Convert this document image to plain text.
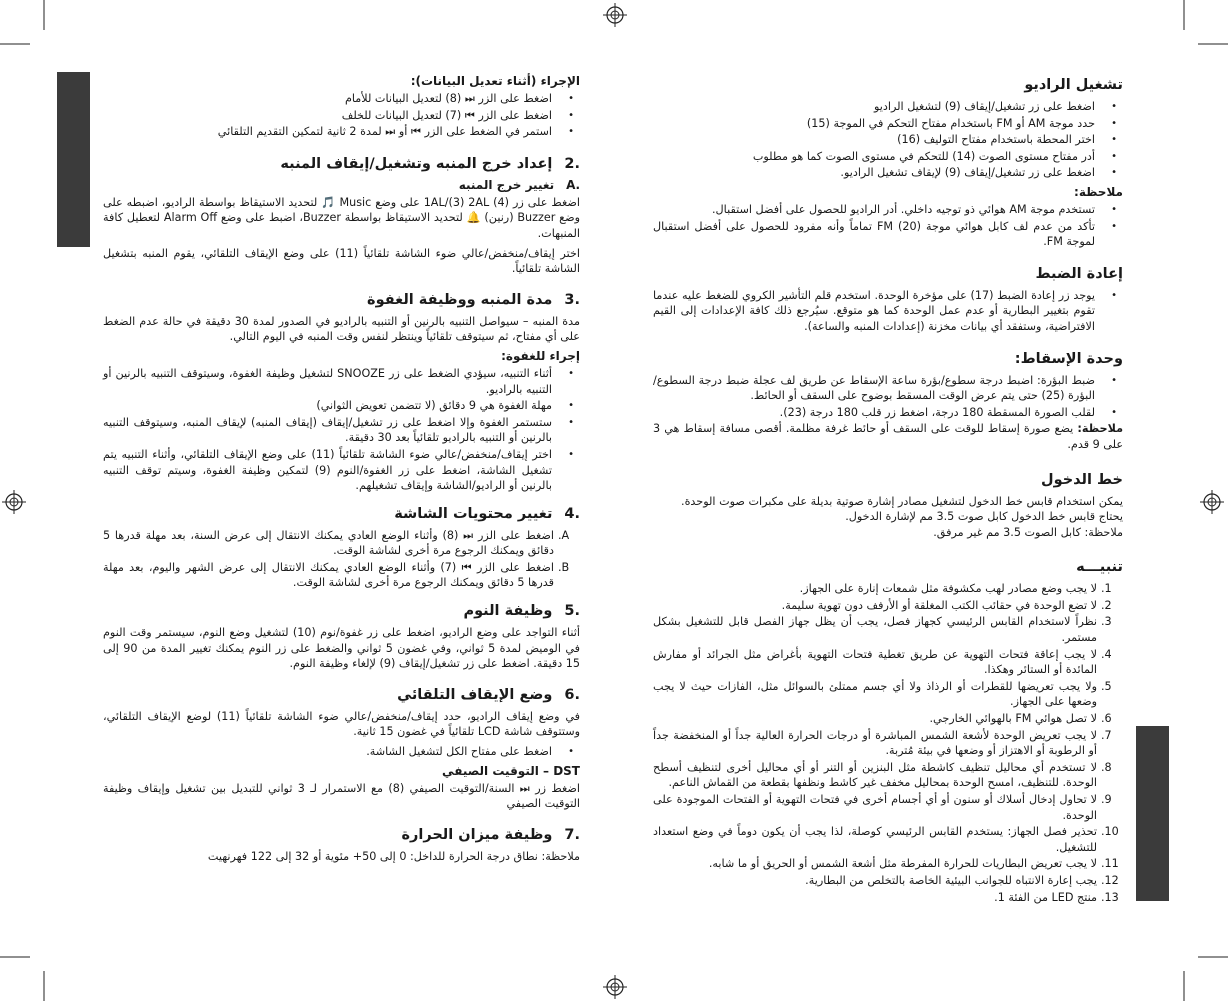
الإجراء (أثناء تعديل البيانات):
• اضغط على الزر ⏭ (8) لتعديل البيانات للأمام
• اضغط على الزر ⏮ (7) لتعديل البيانات للخلف
• استمر في الضغط على الزر ⏮ أو ⏭ لمدة 2 ثانية لتمكين التقديم التلقائي
.2إعداد خرج المنبه وتشغيل/إيقاف المنبه
.Aتغيير خرج المنبه

اضغط على زر 1AL/(3) 2AL (4) على وضع Music 🎵 لتحديد الاستيقاظ بواسطة الراديو، اضبطه على وضع Buzzer (رنين) 🔔 لتحديد الاستيقاظ بواسطة Buzzer، اضبط على وضع Alarm Off لتعطيل كافة المنبهات.

اختر إيقاف/منخفض/عالي ضوء الشاشة تلقائياً (11) على وضع الإيقاف التلقائي، يقوم المنبه بتشغيل الشاشة تلقائياً.

.3مدة المنبه ووظيفة الغفوة

مدة المنبه – سيواصل التنبيه بالرنين أو التنبيه بالراديو في الصدور لمدة 30 دقيقة في حالة عدم الضغط على أي مفتاح، ثم سيتوقف تلقائياً وينتظر لنفس وقت المنبه في اليوم التالي.

إجراء للغفوة:
• أثناء التنبيه، سيؤدي الضغط على زر SNOOZE لتشغيل وظيفة الغفوة، وسيتوقف التنبيه بالرنين أو التنبيه بالراديو.
• مهلة الغفوة هي 9 دقائق (لا تتضمن تعويض الثواني)
• ستستمر الغفوة وإلا اضغط على زر تشغيل/إيقاف (إيقاف المنبه) لإيقاف المنبه، وسيتوقف التنبيه بالرنين أو التنبيه بالراديو تلقائياً بعد 30 دقيقة.
• اختر إيقاف/منخفض/عالي ضوء الشاشة تلقائياً (11) على وضع الإيقاف التلقائي، وأثناء التنبيه يتم تشغيل الشاشة، اضغط على زر الغفوة/النوم (9) لتمكين وظيفة الغفوة، وسيتم توقف التنبيه بالرنين أو الراديو/الشاشة وإيقاف تشغيلهم.
.4تغيير محتويات الشاشة
.A
اضغط على الزر ⏭ (8) وأثناء الوضع العادي يمكنك الانتقال إلى عرض السنة، بعد مهلة قدرها 5 دقائق ويمكنك الرجوع مرة أخرى لشاشة الوقت.
.B
اضغط على الزر ⏮ (7) وأثناء الوضع العادي يمكنك الانتقال إلى عرض الشهر واليوم، بعد مهلة قدرها 5 دقائق ويمكنك الرجوع مرة أخرى لشاشة الوقت.
.5وظيفة النوم

أثناء التواجد على وضع الراديو، اضغط على زر غفوة/نوم (10) لتشغيل وضع النوم، سيستمر وقت النوم في الوميض لمدة 5 ثواني، وفي غضون 5 ثواني والضغط على زر النوم يمكنك تغيير المدة من 90 إلى 15 دقيقة. اضغط على زر تشغيل/إيقاف (9) لإلغاء وظيفة النوم.

.6وضع الإيقاف التلقائي

في وضع إيقاف الراديو، حدد إيقاف/منخفض/عالي ضوء الشاشة تلقائياً (11) لوضع الإيقاف التلقائي، وستتوقف شاشة LCD تلقائياً في غضون 15 ثانية.

• اضغط على مفتاح الكل لتشغيل الشاشة.
DST – التوقيت الصيفي

اضغط زر ⏭ السنة/التوقيت الصيفي (8) مع الاستمرار لـ 3 ثواني للتبديل بين تشغيل وإيقاف وظيفة التوقيت الصيفي

.7وظيفة ميزان الحرارة

ملاحظة: نطاق درجة الحرارة للداخل: 0 إلى 50+ مئوية أو 32 إلى 122 فهرنهيت

تشغيل الراديو
• اضغط على زر تشغيل/إيقاف (9) لتشغيل الراديو
• حدد موجة AM أو FM باستخدام مفتاح التحكم في الموجة (15)
• اختر المحطة باستخدام مفتاح التوليف (16)
• أدر مفتاح مستوى الصوت (14) للتحكم في مستوى الصوت كما هو مطلوب
• اضغط على زر تشغيل/إيقاف (9) لإيقاف تشغيل الراديو.
ملاحظة:
• تستخدم موجة AM هوائي ذو توجيه داخلي. أدر الراديو للحصول على أفضل استقبال.
• تأكد من عدم لف كابل هوائي موجة FM (20) تماماً وأنه مفرود للحصول على أفضل استقبال لموجة FM.
إعادة الضبط
• يوجد زر إعادة الضبط (17) على مؤخرة الوحدة. استخدم قلم التأشير الكروي للضغط عليه عندما تقوم بتغيير البطارية أو عدم عمل الوحدة كما هو متوقع. سيُرجع ذلك كافة الإعدادات إلى القيم الافتراضية، وستفقد أي بيانات مخزنة (إعدادات المنبه والساعة).
وحدة الإسقاط:
• ضبط البؤرة: اضبط درجة سطوع/بؤرة ساعة الإسقاط عن طريق لف عجلة ضبط درجة السطوع/البؤرة (25) حتى يتم عرض الوقت المسقط بوضوح على السقف أو الحائط.
• لقلب الصورة المسقطة 180 درجة، اضغط زر قلب 180 درجة (23).

ملاحظة: يضع صورة إسقاط للوقت على السقف أو حائط غرفة مظلمة. أقصى مسافة إسقاط هي 3 على 9 قدم.

خط الدخول

يمكن استخدام قابس خط الدخول لتشغيل مصادر إشارة صوتية بديلة على مكبرات صوت الوحدة.

يحتاج قابس خط الدخول كابل صوت 3.5 مم لإشارة الدخول.

ملاحظة: كابل الصوت 3.5 مم غير مرفق.

تنبيـــه
.1
لا يجب وضع مصادر لهب مكشوفة مثل شمعات إنارة على الجهاز.
.2
لا تضع الوحدة في حقائب الكتب المغلقة أو الأرفف دون تهوية سليمة.
.3
نظراً لاستخدام القابس الرئيسي كجهاز فصل، يجب أن يظل جهاز الفصل قابل للتشغيل بشكل مستمر.
.4
لا يجب إعاقة فتحات التهوية عن طريق تغطية فتحات التهوية بأغراض مثل الجرائد أو مفارش المائدة أو الستائر وهكذا.
.5
ولا يجب تعريضها للقطرات أو الرذاذ ولا أي جسم ممتلئ بالسوائل مثل، الفازات حيث لا يجب وضعها على الجهاز.
.6
لا تصل هوائي FM بالهوائي الخارجي.
.7
لا يجب تعريض الوحدة لأشعة الشمس المباشرة أو درجات الحرارة العالية جداً أو المنخفضة جداً أو الرطوبة أو الاهتزاز أو وضعها في بيئة مُتربة.
.8
لا تستخدم أي محاليل تنظيف كاشطة مثل البنزين أو التنر أو أي محاليل أخرى لتنظيف أسطح الوحدة. للتنظيف، امسح الوحدة بمحاليل مخفف غير كاشط ونظفها بقطعة من القماش الناعم.
.9
لا تحاول إدخال أسلاك أو سنون أو أي أجسام أخرى في فتحات التهوية أو الفتحات الموجودة على الوحدة.
.10
تحذير فصل الجهاز: يستخدم القابس الرئيسي كوصلة، لذا يجب أن يكون دوماً في وضع استعداد للتشغيل.
.11
لا يجب تعريض البطاريات للحرارة المفرطة مثل أشعة الشمس أو الحريق أو ما شابه.
.12
يجب إعارة الانتباه للجوانب البيئية الخاصة بالتخلص من البطارية.
.13
منتج LED من الفئة 1.
